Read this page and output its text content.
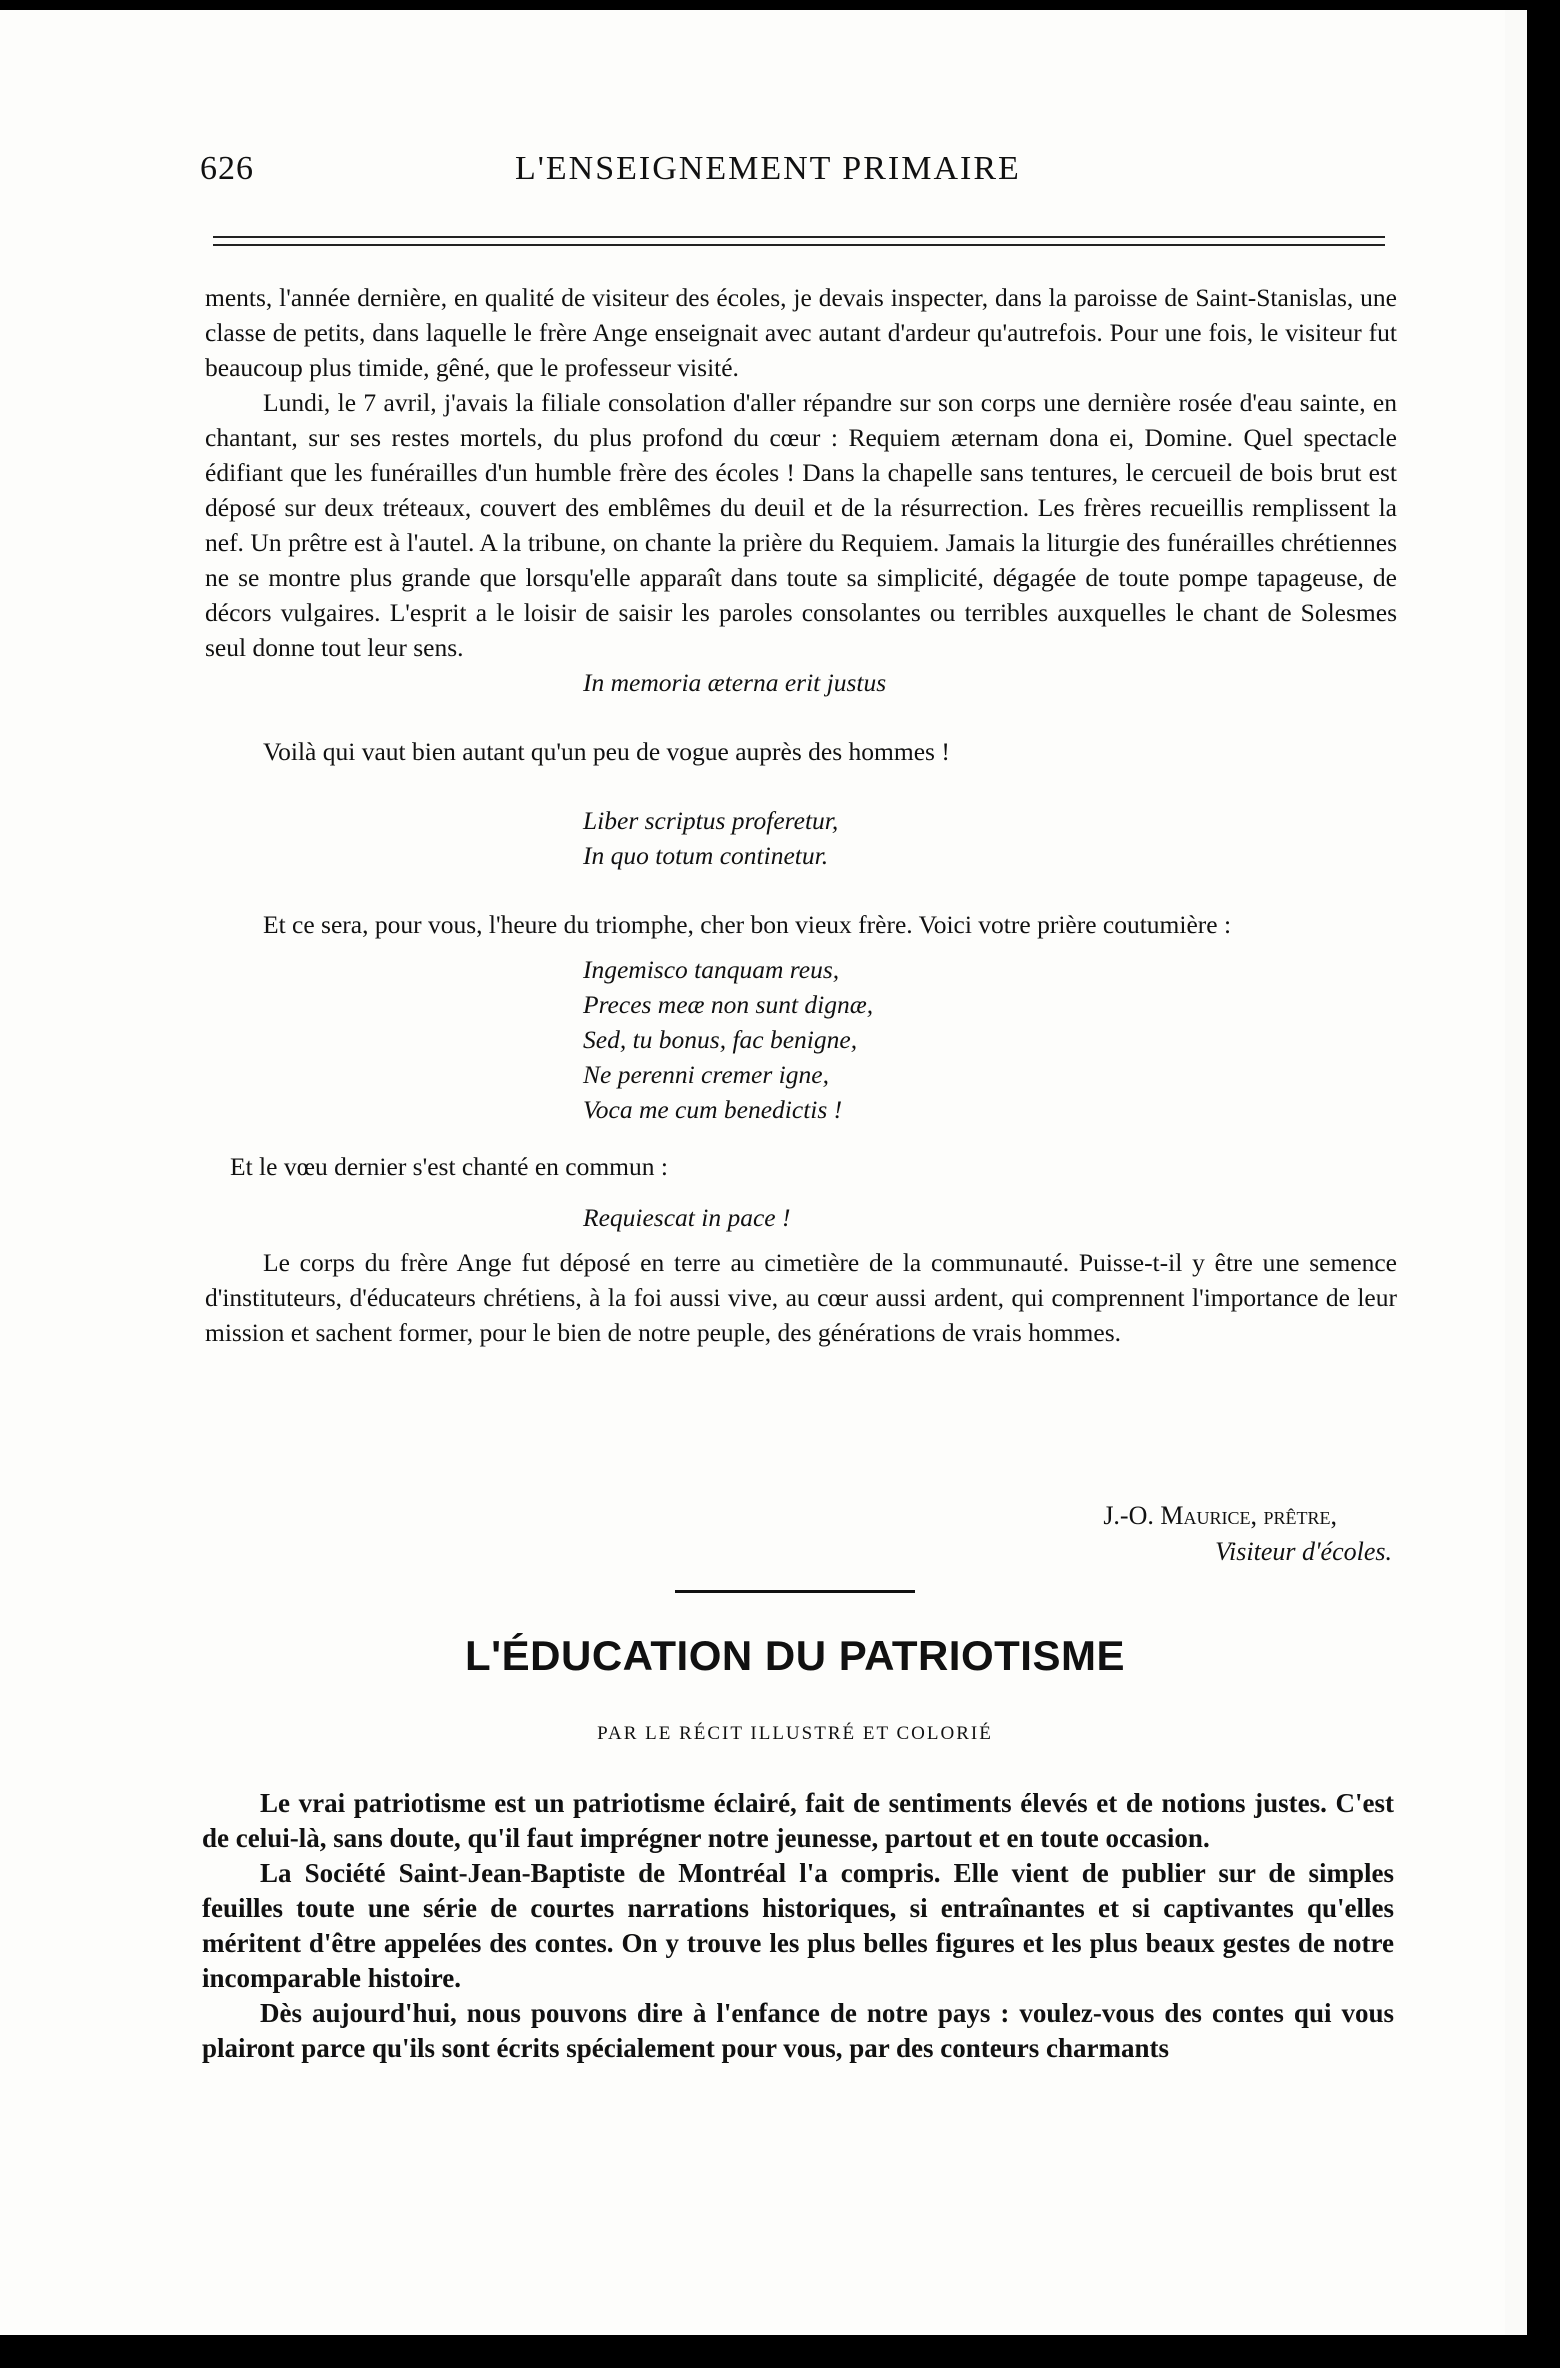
626	L'ENSEIGNEMENT PRIMAIRE

ments, l'année dernière, en qualité de visiteur des écoles, je devais inspecter, dans la paroisse de Saint-Stanislas, une classe de petits, dans laquelle le frère Ange enseignait avec autant d'ardeur qu'autrefois. Pour une fois, le visiteur fut beaucoup plus timide, gêné, que le professeur visité.

Lundi, le 7 avril, j'avais la filiale consolation d'aller répandre sur son corps une dernière rosée d'eau sainte, en chantant, sur ses restes mortels, du plus profond du cœur : Requiem æternam dona ei, Domine. Quel spectacle édifiant que les funérailles d'un humble frère des écoles ! Dans la chapelle sans tentures, le cercueil de bois brut est déposé sur deux tréteaux, couvert des emblêmes du deuil et de la résurrection. Les frères recueillis remplissent la nef. Un prêtre est à l'autel. A la tribune, on chante la prière du Requiem. Jamais la liturgie des funérailles chrétiennes ne se montre plus grande que lorsqu'elle apparaît dans toute sa simplicité, dégagée de toute pompe tapageuse, de décors vulgaires. L'esprit a le loisir de saisir les paroles consolantes ou terribles auxquelles le chant de Solesmes seul donne tout leur sens.

In memoria æterna erit justus

Voilà qui vaut bien autant qu'un peu de vogue auprès des hommes !

Liber scriptus proferetur,

In quo totum continetur.

Et ce sera, pour vous, l'heure du triomphe, cher bon vieux frère. Voici votre prière coutumière :

Ingemisco tanquam reus,

Preces meæ non sunt dignæ,

Sed, tu bonus, fac benigne,

Ne perenni cremer igne,

Voca me cum benedictis !

Et le vœu dernier s'est chanté en commun :

Requiescat in pace !

Le corps du frère Ange fut déposé en terre au cimetière de la communauté. Puisse-t-il y être une semence d'instituteurs, d'éducateurs chrétiens, à la foi aussi vive, au cœur aussi ardent, qui comprennent l'importance de leur mission et sachent former, pour le bien de notre peuple, des générations de vrais hommes.

J.-O. Maurice, prêtre,
Visiteur d'écoles.
L'ÉDUCATION DU PATRIOTISME
PAR LE RÉCIT ILLUSTRÉ ET COLORIÉ

Le vrai patriotisme est un patriotisme éclairé, fait de sentiments élevés et de notions justes. C'est de celui-là, sans doute, qu'il faut imprégner notre jeunesse, partout et en toute occasion.

La Société Saint-Jean-Baptiste de Montréal l'a compris. Elle vient de publier sur de simples feuilles toute une série de courtes narrations historiques, si entraînantes et si captivantes qu'elles méritent d'être appelées des contes. On y trouve les plus belles figures et les plus beaux gestes de notre incomparable histoire.

Dès aujourd'hui, nous pouvons dire à l'enfance de notre pays : voulez-vous des contes qui vous plairont parce qu'ils sont écrits spécialement pour vous, par des conteurs charmants
